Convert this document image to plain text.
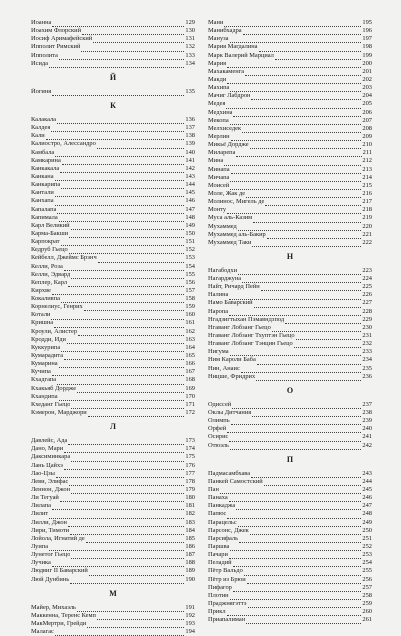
Иоанна	129
Иоахим Флорский	130
Иосиф Аримафейский	131
Ипполит Римский	132
Ипполита	133
Исида	134
Й
Йогиня	135
К
Калакала	136
Калдея	137
Кали	138
Калиостро, Алессандро	139
Камбала	140
Камкарина	141
Канкакала	142
Канкана	143
Канкарипа	144
Кантали	145
Канхапа	146
Капалапа	147
Капимала	148
Карл Великий	149
Карма-Бакши	150
Карпократ	151
Кедруб Гьецо	152
Кейбелл, Джеймс Брэнч	153
Келли, Роза	154
Келли, Эдвард	155
Кеплер, Карл	156
Кирхве	157
Кокаливпа	158
Корнелиус, Генрих	159
Котали	160
Кришна	161
Кроули, Алистер	162
Кродди, Иди	163
Куккурипа	164
Кумарадита	165
Кумарина	166
Кучипа	167
Кхадгапа	168
Кхакьяб Дордже	169
Кхандипа	170
Кхеданг Гьецо	171
Кэмерон, Марджори	172
Л
Давлейс, Ада	173
Дано, Мари	174
Даксиминкара	175
Лань Цайхэ	176
Лао-Цзы	177
Леви, Элифас	178
Леннон, Джон	179
Ли Тегуай	180
Лилапа	181
Лилит	182
Лилли, Джон	183
Лири, Тимоти	184
Лойола, Игнатий де	185
Луипа	186
Лунетог Гьецо	187
Лучика	188
Людвиг II Баварский	189
Люй Дунбинь	190
М
Майер, Михаэль	191
Маккенна, Теренс Кемп	192
МакМертри, Грейди	193
Малагас	194
Мани	195
Манибхадра	196
Мануза	197
Мария Магдалина	198
Марк Валерий Марциал	199
Мария	200
Махакаменга	201
Макди	202
Махипа	203
Мачиг Лабдрон	204
Медея	205
Медхина	206
Мекопа	207
Мелхиседек	208
Мерлин	209
Микьё Дордже	210
Миларепа	211
Мина	212
Минапа	213
Мичапа	214
Моисей	215
Моле, Жак де	216
Молинос, Мигель де	217
Монту	218
Муса аль-Казим	219
Мухаммед	220
Мухаммед аль-Бакир	221
Мухаммед Таки	222
Н
Нагабодхи	223
Нагарджуна	224
Найт, Ричард Пейн	225
Налина	226
Намо Баварский	227
Наропа	228
Нгадзигтыхан Пэмавндзпод	229
Нгаванг Лобзанг Гьецо	230
Нгаванг Лобзанг Тхуптэн Гьецо	231
Нгаванг Лобзанг Тэнцин Гьецо	232
Нигума	233
Ним Кароли Баба	234
Нин, Анаис	235
Ницше, Фридрих	236
О
Одиссей	237
Оклы Дитчания	238
Олимпь	239
Орфей	240
Осирис	241
Отюэль	242
П
Падмасамбхава	243
Панкей Самостский	244
Пан	245
Панаха	246
Панкаджа	247
Папюс	248
Парацельс	249
Парсонс, Джек	250
Парсифаль	251
Паршва	252
Пачари	253
Пеладий	254
Пётр Вальдо	255
Пётр из Брюи	256
Пифагор	257
Плотин	258
Праджнягэттэ	259
Прикл	260
Приапалиман	261
